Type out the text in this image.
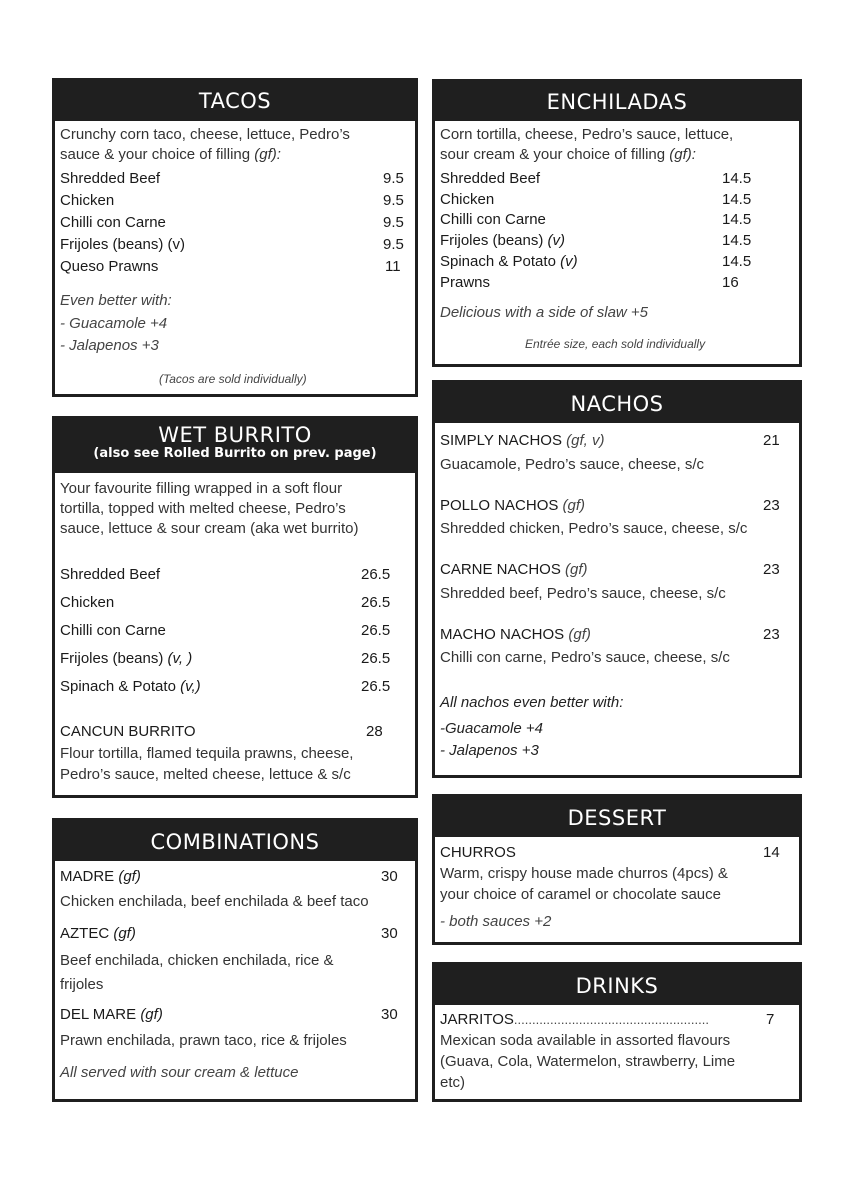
TACOS
Crunchy corn taco, cheese, lettuce, Pedro’s
sauce & your choice of filling (gf):
Shredded Beef	9.5
Chicken	9.5
Chilli con Carne	9.5
Frijoles (beans) (v)	9.5
Queso Prawns	11
Even better with:
- Guacamole +4
- Jalapenos +3
(Tacos are sold individually)
ENCHILADAS
Corn tortilla, cheese, Pedro’s sauce, lettuce,
sour cream & your choice of filling (gf):
Shredded Beef	14.5
Chicken	14.5
Chilli con Carne	14.5
Frijoles (beans) (v)	14.5
Spinach & Potato (v)	14.5
Prawns	16
Delicious with a side of slaw +5
Entrée size, each sold individually
NACHOS
SIMPLY NACHOS (gf, v)	21
Guacamole, Pedro’s sauce, cheese, s/c
POLLO NACHOS (gf)	23
Shredded chicken, Pedro’s sauce, cheese, s/c
CARNE NACHOS (gf)	23
Shredded beef, Pedro’s sauce, cheese, s/c
MACHO NACHOS (gf)	23
Chilli con carne, Pedro’s sauce, cheese, s/c
All nachos even better with:
-Guacamole +4
- Jalapenos +3
WET BURRITO
(also see Rolled Burrito on prev. page)
Your favourite filling wrapped in a soft flour
tortilla, topped with melted cheese, Pedro’s
sauce, lettuce & sour cream (aka wet burrito)
Shredded Beef	26.5
Chicken	26.5
Chilli con Carne	26.5
Frijoles (beans) (v, )	26.5
Spinach & Potato (v,)	26.5
CANCUN BURRITO	28
Flour tortilla, flamed tequila prawns, cheese,
Pedro’s sauce, melted cheese, lettuce & s/c
COMBINATIONS
MADRE (gf)	30
Chicken enchilada, beef enchilada & beef taco
AZTEC (gf)	30
Beef enchilada, chicken enchilada, rice &
frijoles
DEL MARE (gf)	30
Prawn enchilada, prawn taco, rice & frijoles
All served with sour cream & lettuce
DESSERT
CHURROS	14
Warm, crispy house made churros (4pcs) &
your choice of caramel or chocolate sauce
- both sauces +2
DRINKS
JARRITOS......................................................	7
Mexican soda available in assorted flavours
(Guava, Cola, Watermelon, strawberry, Lime
etc)
